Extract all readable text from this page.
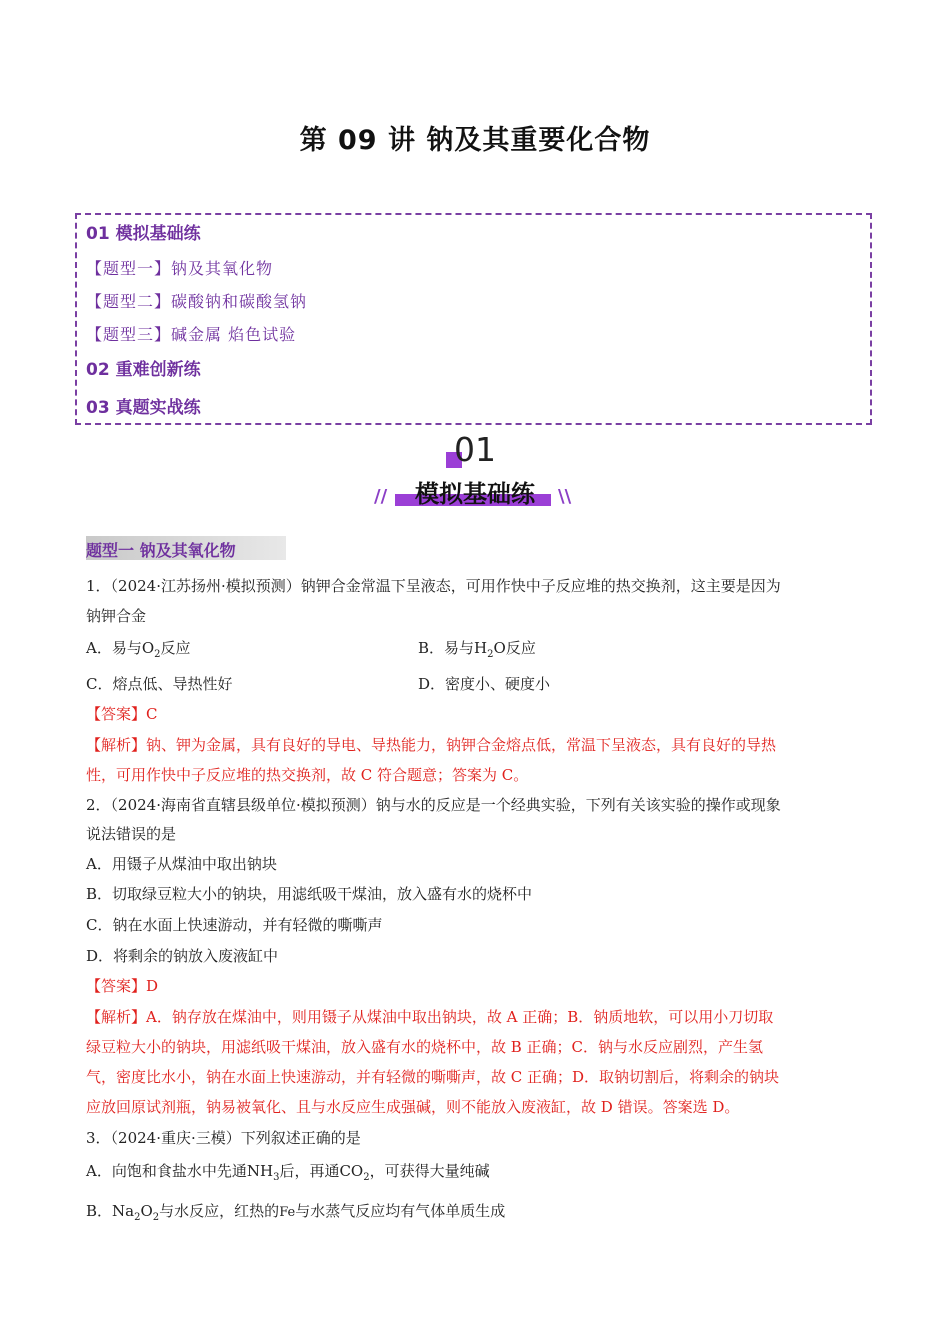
第 09 讲 钠及其重要化合物
01 模拟基础练
【题型一】钠及其氧化物
【题型二】碳酸钠和碳酸氢钠
【题型三】碱金属 焰色试验
02 重难创新练
03 真题实战练
01
模拟基础练
//	\\
题型一 钠及其氧化物
1．（2024·江苏扬州·模拟预测）钠钾合金常温下呈液态，可用作快中子反应堆的热交换剂，这主要是因为
钠钾合金
A．易与$O_2$反应	B．易与$H_2O$反应
C．熔点低、导热性好	D．密度小、硬度小
【答案】C
【解析】钠、钾为金属，具有良好的导电、导热能力，钠钾合金熔点低，常温下呈液态，具有良好的导热
性，可用作快中子反应堆的热交换剂，故 C 符合题意；答案为 C。
2．（2024·海南省直辖县级单位·模拟预测）钠与水的反应是一个经典实验，下列有关该实验的操作或现象
说法错误的是
A．用镊子从煤油中取出钠块
B．切取绿豆粒大小的钠块，用滤纸吸干煤油，放入盛有水的烧杯中
C．钠在水面上快速游动，并有轻微的嘶嘶声
D．将剩余的钠放入废液缸中
【答案】D
【解析】A．钠存放在煤油中，则用镊子从煤油中取出钠块，故 A 正确；B．钠质地软，可以用小刀切取
绿豆粒大小的钠块，用滤纸吸干煤油，放入盛有水的烧杯中，故 B 正确；C．钠与水反应剧烈，产生氢
气，密度比水小，钠在水面上快速游动，并有轻微的嘶嘶声，故 C 正确；D．取钠切割后，将剩余的钠块
应放回原试剂瓶，钠易被氧化、且与水反应生成强碱，则不能放入废液缸，故 D 错误。答案选 D。
3．（2024·重庆·三模）下列叙述正确的是
A．向饱和食盐水中先通$NH_3$后，再通$CO_2$，可获得大量纯碱
B．$Na_2O_2$与水反应，红热的Fe与水蒸气反应均有气体单质生成
